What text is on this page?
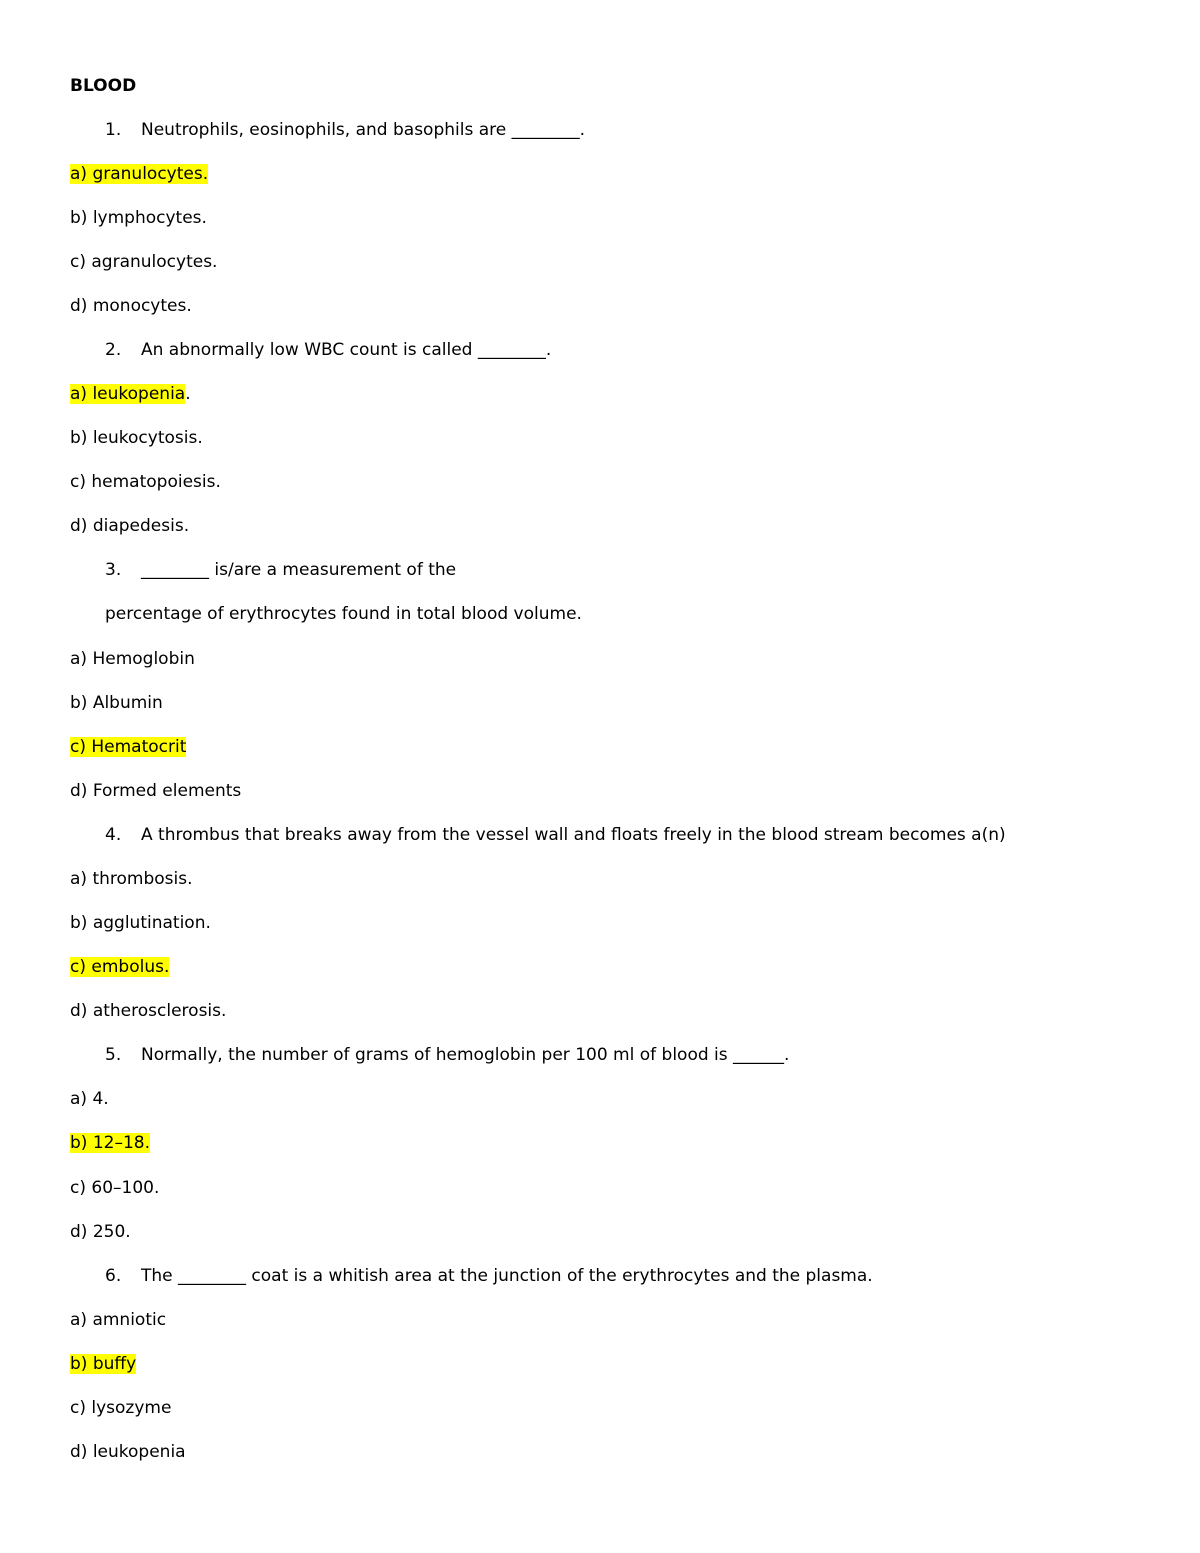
BLOOD
1. Neutrophils, eosinophils, and basophils are ________.
a) granulocytes.
b) lymphocytes.
c) agranulocytes.
d) monocytes.
2. An abnormally low WBC count is called ________.
a) leukopenia.
b) leukocytosis.
c) hematopoiesis.
d) diapedesis.
3. ________ is/are a measurement of the
percentage of erythrocytes found in total blood volume.
a) Hemoglobin
b) Albumin
c) Hematocrit
d) Formed elements
4. A thrombus that breaks away from the vessel wall and floats freely in the blood stream becomes a(n)
a) thrombosis.
b) agglutination.
c) embolus.
d) atherosclerosis.
5. Normally, the number of grams of hemoglobin per 100 ml of blood is ______.
a) 4.
b) 12–18.
c) 60–100.
d) 250.
6. The ________ coat is a whitish area at the junction of the erythrocytes and the plasma.
a) amniotic
b) buffy
c) lysozyme
d) leukopenia
